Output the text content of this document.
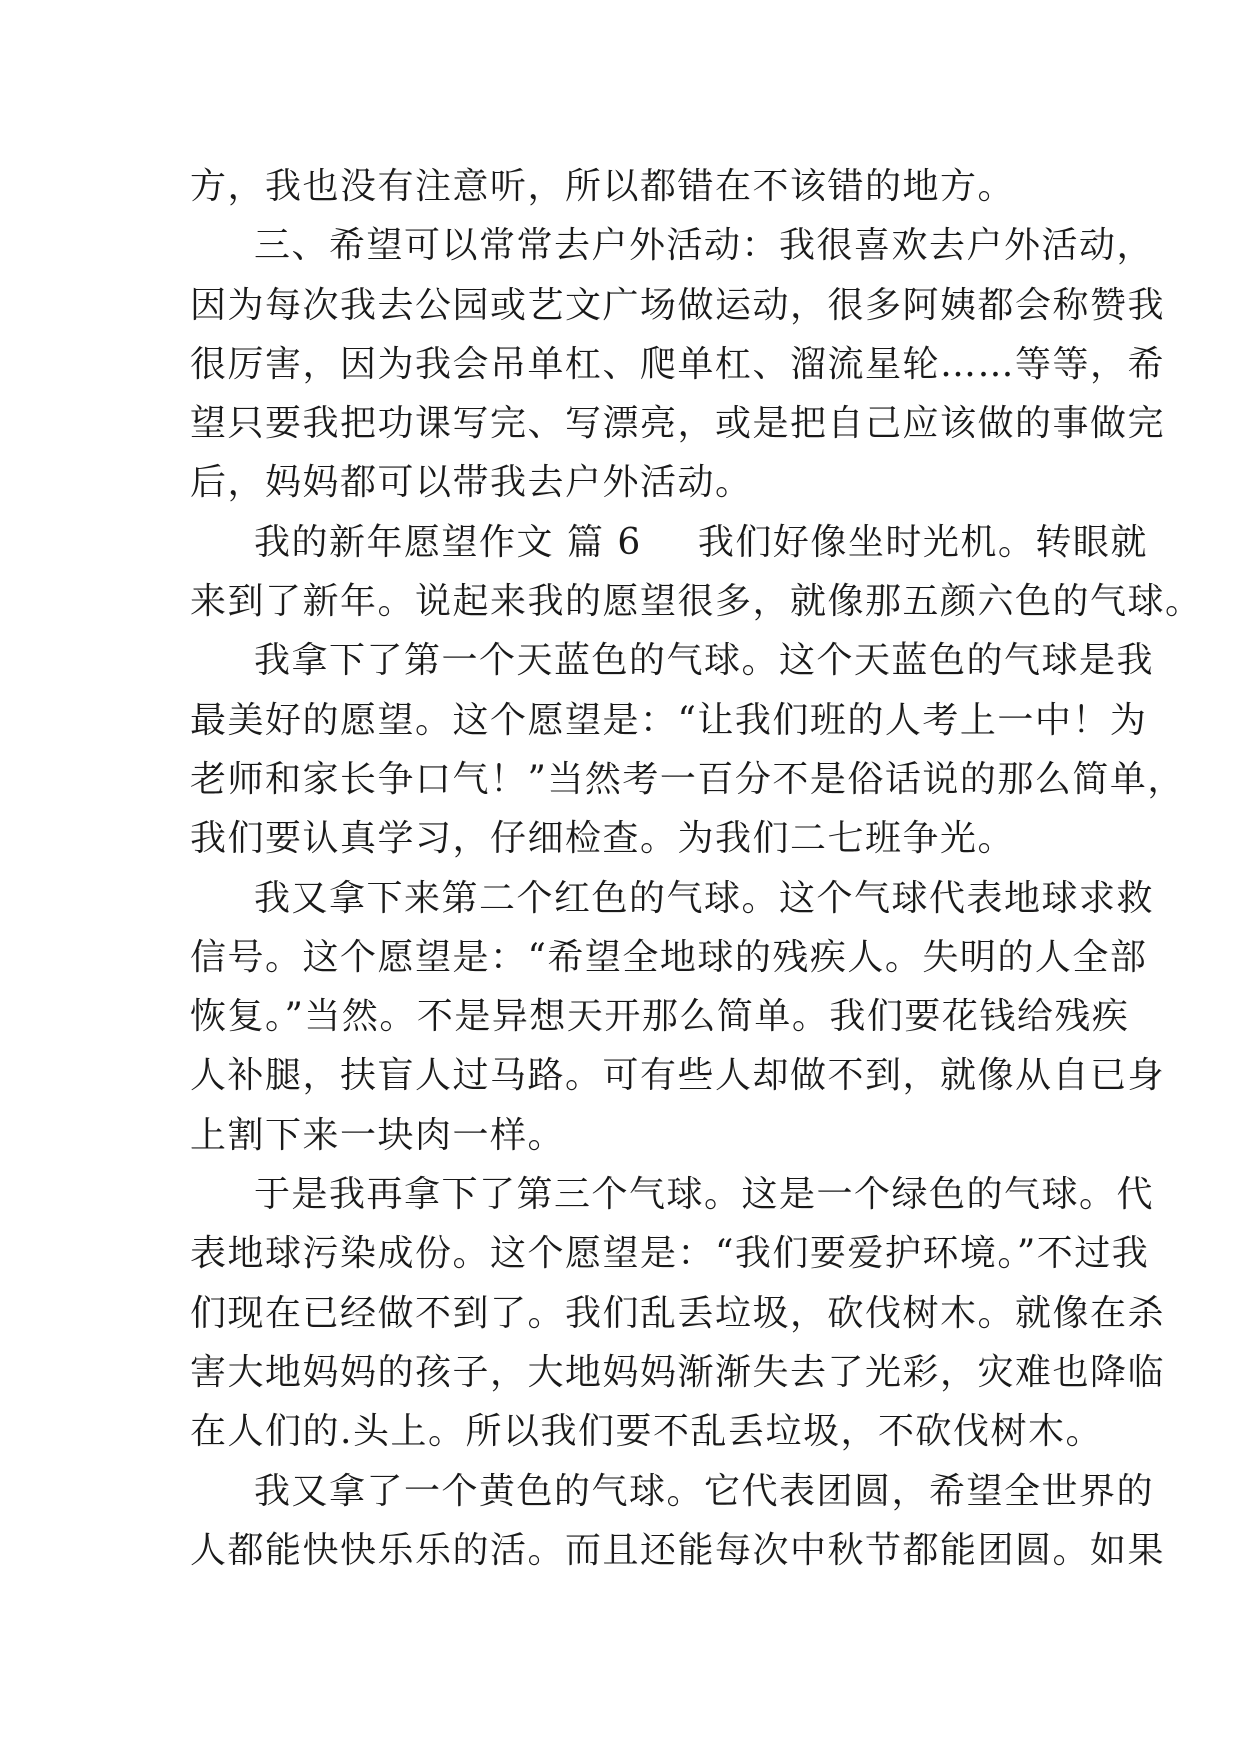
方，我也没有注意听，所以都错在不该错的地方。
三、希望可以常常去户外活动：我很喜欢去户外活动，
因为每次我去公园或艺文广场做运动，很多阿姨都会称赞我
很厉害，因为我会吊单杠、爬单杠、溜流星轮……等等，希
望只要我把功课写完、写漂亮，或是把自己应该做的事做完
后，妈妈都可以带我去户外活动。
我的新年愿望作文 篇 6 我们好像坐时光机。转眼就
来到了新年。说起来我的愿望很多，就像那五颜六色的气球。
我拿下了第一个天蓝色的气球。这个天蓝色的气球是我
最美好的愿望。这个愿望是：“让我们班的人考上一中！为
老师和家长争口气！”当然考一百分不是俗话说的那么简单，
我们要认真学习，仔细检查。为我们二七班争光。
我又拿下来第二个红色的气球。这个气球代表地球求救
信号。这个愿望是：“希望全地球的残疾人。失明的人全部
恢复。”当然。不是异想天开那么简单。我们要花钱给残疾
人补腿，扶盲人过马路。可有些人却做不到，就像从自已身
上割下来一块肉一样。
于是我再拿下了第三个气球。这是一个绿色的气球。代
表地球污染成份。这个愿望是：“我们要爱护环境。”不过我
们现在已经做不到了。我们乱丢垃圾，砍伐树木。就像在杀
害大地妈妈的孩子，大地妈妈渐渐失去了光彩，灾难也降临
在人们的.头上。所以我们要不乱丢垃圾，不砍伐树木。
我又拿了一个黄色的气球。它代表团圆，希望全世界的
人都能快快乐乐的活。而且还能每次中秋节都能团圆。如果
